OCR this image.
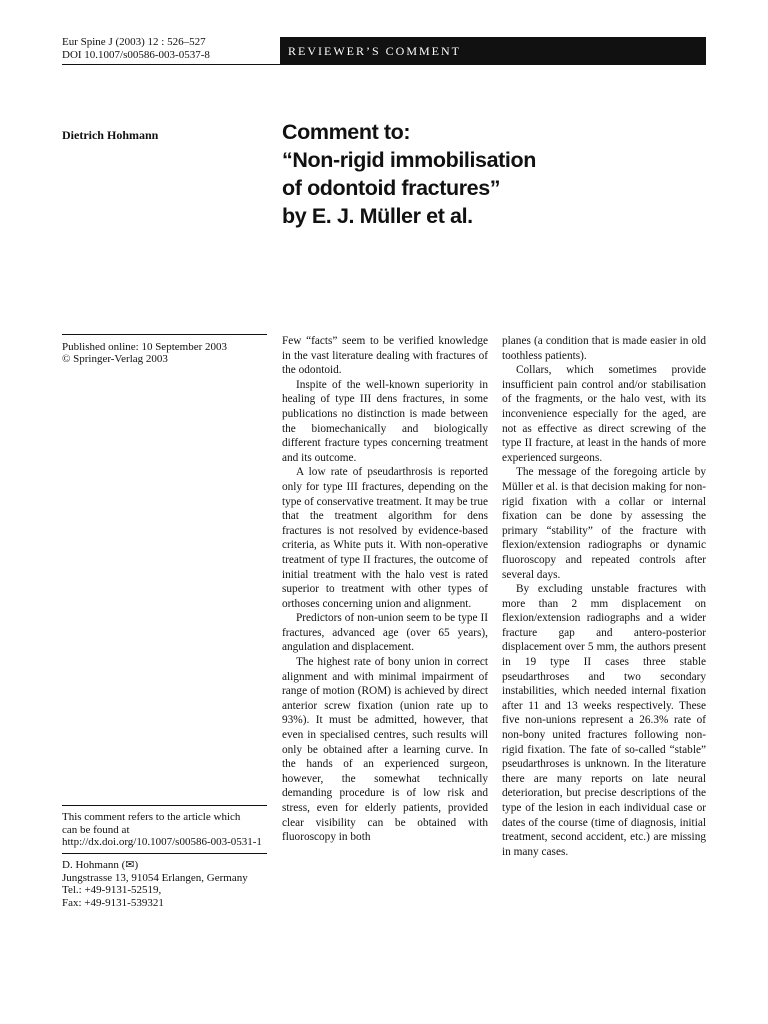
Eur Spine J (2003) 12 : 526–527
DOI 10.1007/s00586-003-0537-8	REVIEWER’S COMMENT
Dietrich Hohmann	Comment to:
“Non-rigid immobilisation
of odontoid fractures”
by E. J. Müller et al.
Published online: 10 September 2003
© Springer-Verlag 2003
This comment refers to the article which
can be found at
http://dx.doi.org/10.1007/s00586-003-0531-1
D. Hohmann (✉)
Jungstrasse 13, 91054 Erlangen, Germany
Tel.: +49-9131-52519,
Fax: +49-9131-539321

Few “facts” seem to be verified knowledge in the vast literature dealing with fractures of the odontoid.

Inspite of the well-known superiority in healing of type III dens fractures, in some publications no distinction is made between the biomechanically and biologically different fracture types concerning treatment and its outcome.

A low rate of pseudarthrosis is reported only for type III fractures, depending on the type of conservative treatment. It may be true that the treatment algorithm for dens fractures is not resolved by evidence-based criteria, as White puts it. With non-operative treatment of type II fractures, the outcome of initial treatment with the halo vest is rated superior to treatment with other types of orthoses concerning union and alignment.

Predictors of non-union seem to be type II fractures, advanced age (over 65 years), angulation and displacement.

The highest rate of bony union in correct alignment and with minimal impairment of range of motion (ROM) is achieved by direct anterior screw fixation (union rate up to 93%). It must be admitted, however, that even in specialised centres, such results will only be obtained after a learning curve. In the hands of an experienced surgeon, however, the somewhat technically demanding procedure is of low risk and stress, even for elderly patients, provided clear visibility can be obtained with fluoroscopy in both

planes (a condition that is made easier in old toothless patients).

Collars, which sometimes provide insufficient pain control and/or stabilisation of the fragments, or the halo vest, with its inconvenience especially for the aged, are not as effective as direct screwing of the type II fracture, at least in the hands of more experienced surgeons.

The message of the foregoing article by Müller et al. is that decision making for non-rigid fixation with a collar or internal fixation can be done by assessing the primary “stability” of the fracture with flexion/extension radiographs or dynamic fluoroscopy and repeated controls after several days.

By excluding unstable fractures with more than 2 mm displacement on flexion/extension radiographs and a wider fracture gap and antero-posterior displacement over 5 mm, the authors present in 19 type II cases three stable pseudarthroses and two secondary instabilities, which needed internal fixation after 11 and 13 weeks respectively. These five non-unions represent a 26.3% rate of non-bony united fractures following non-rigid fixation. The fate of so-called “stable” pseudarthroses is unknown. In the literature there are many reports on late neural deterioration, but precise descriptions of the type of the lesion in each individual case or dates of the course (time of diagnosis, initial treatment, second accident, etc.) are missing in many cases.
